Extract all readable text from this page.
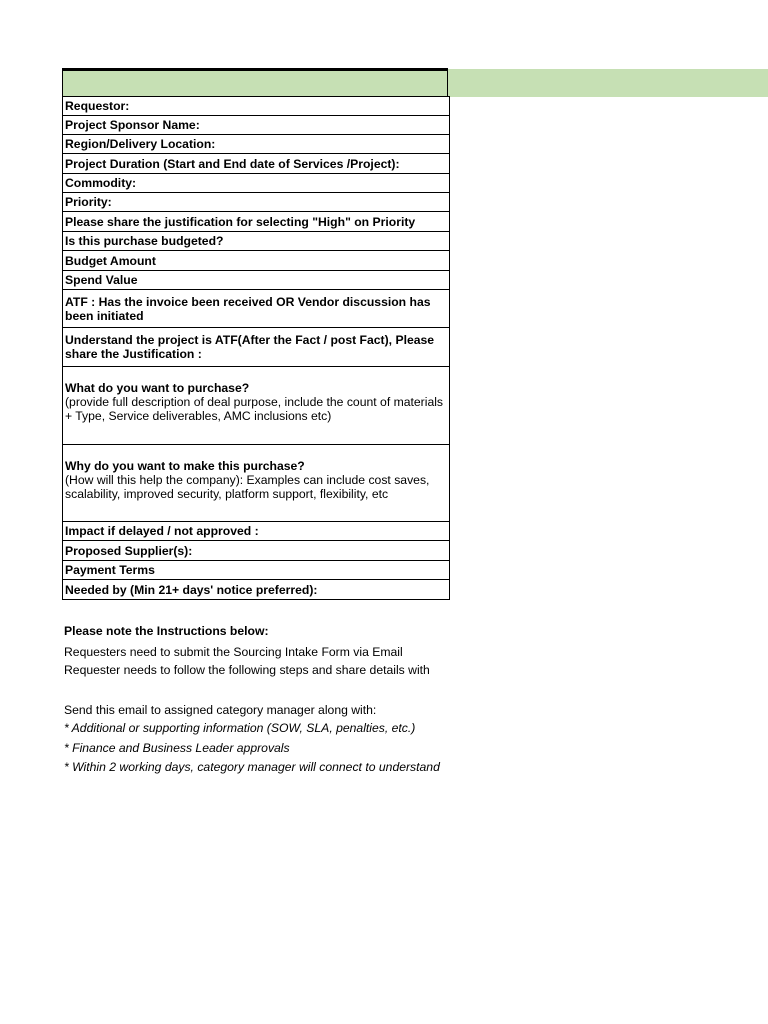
Requestor:
Project Sponsor Name:
Region/Delivery Location:
Project Duration (Start and End date of Services /Project):
Commodity:
Priority:
Please share the justification for selecting "High" on Priority
Is this purchase budgeted?
Budget Amount
Spend Value
ATF : Has the invoice been received OR Vendor discussion has been initiated
Understand the project is ATF(After the Fact / post Fact), Please share the Justification :

What do you want to purchase?
(provide full description of deal purpose, include the count of materials + Type, Service deliverables, AMC inclusions etc)

Why do you want to make this purchase?
(How will this help the company): Examples can include cost saves, scalability, improved security, platform support, flexibility, etc

Impact if delayed / not approved :
Proposed Supplier(s):
Payment Terms
Needed by (Min 21+ days' notice preferred):
Please note the Instructions below:
Requesters need to submit the Sourcing Intake Form via Email
Requester needs to follow the following steps and share details with
Send this email to assigned category manager along with:
* Additional or supporting information (SOW, SLA, penalties, etc.)
* Finance and Business Leader approvals
* Within 2 working days, category manager will connect to understand
